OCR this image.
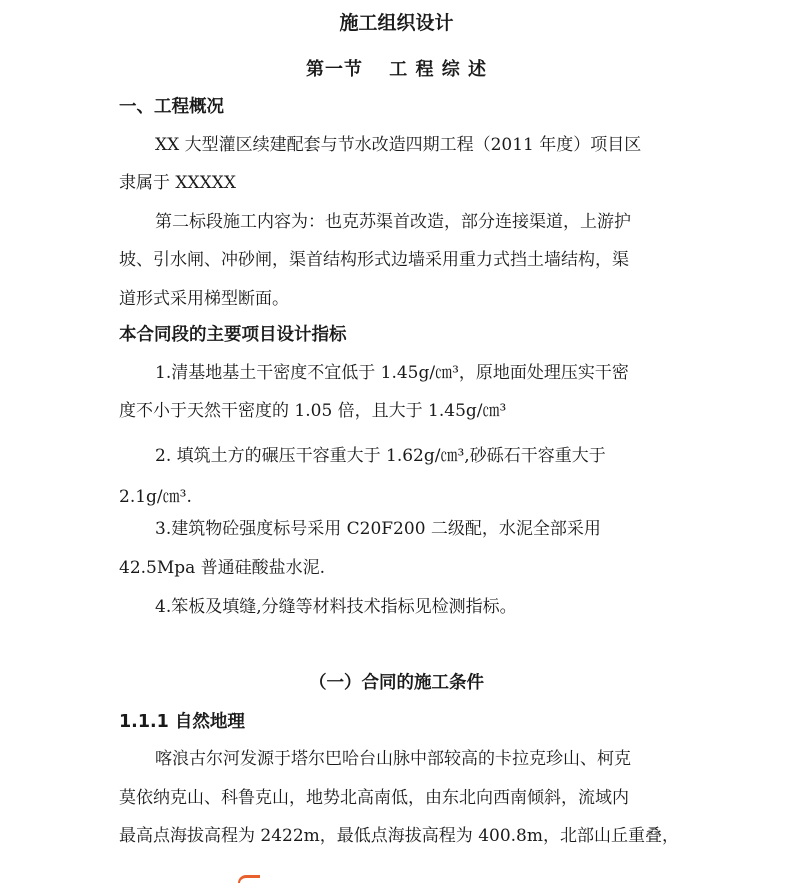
施工组织设计
第一节　 工 程 综 述
一、工程概况
XX 大型灌区续建配套与节水改造四期工程（2011 年度）项目区
隶属于 XXXXX
第二标段施工内容为：也克苏渠首改造，部分连接渠道，上游护
坡、引水闸、冲砂闸，渠首结构形式边墙采用重力式挡土墙结构，渠
道形式采用梯型断面。
本合同段的主要项目设计指标
1.清基地基土干密度不宜低于 1.45g/㎝³，原地面处理压实干密
度不小于天然干密度的 1.05 倍，且大于 1.45g/㎝³
2. 填筑土方的碾压干容重大于 1.62g/㎝³,砂砾石干容重大于
2.1g/㎝³.
3.建筑物砼强度标号采用 C20F200 二级配，水泥全部采用
42.5Mpa 普通硅酸盐水泥.
4.笨板及填缝,分缝等材料技术指标见检测指标。
（一）合同的施工条件
1.1.1 自然地理
喀浪古尔河发源于塔尔巴哈台山脉中部较高的卡拉克珍山、柯克
莫依纳克山、科鲁克山，地势北高南低，由东北向西南倾斜，流域内
最高点海拔高程为 2422m，最低点海拔高程为 400.8m，北部山丘重叠，
